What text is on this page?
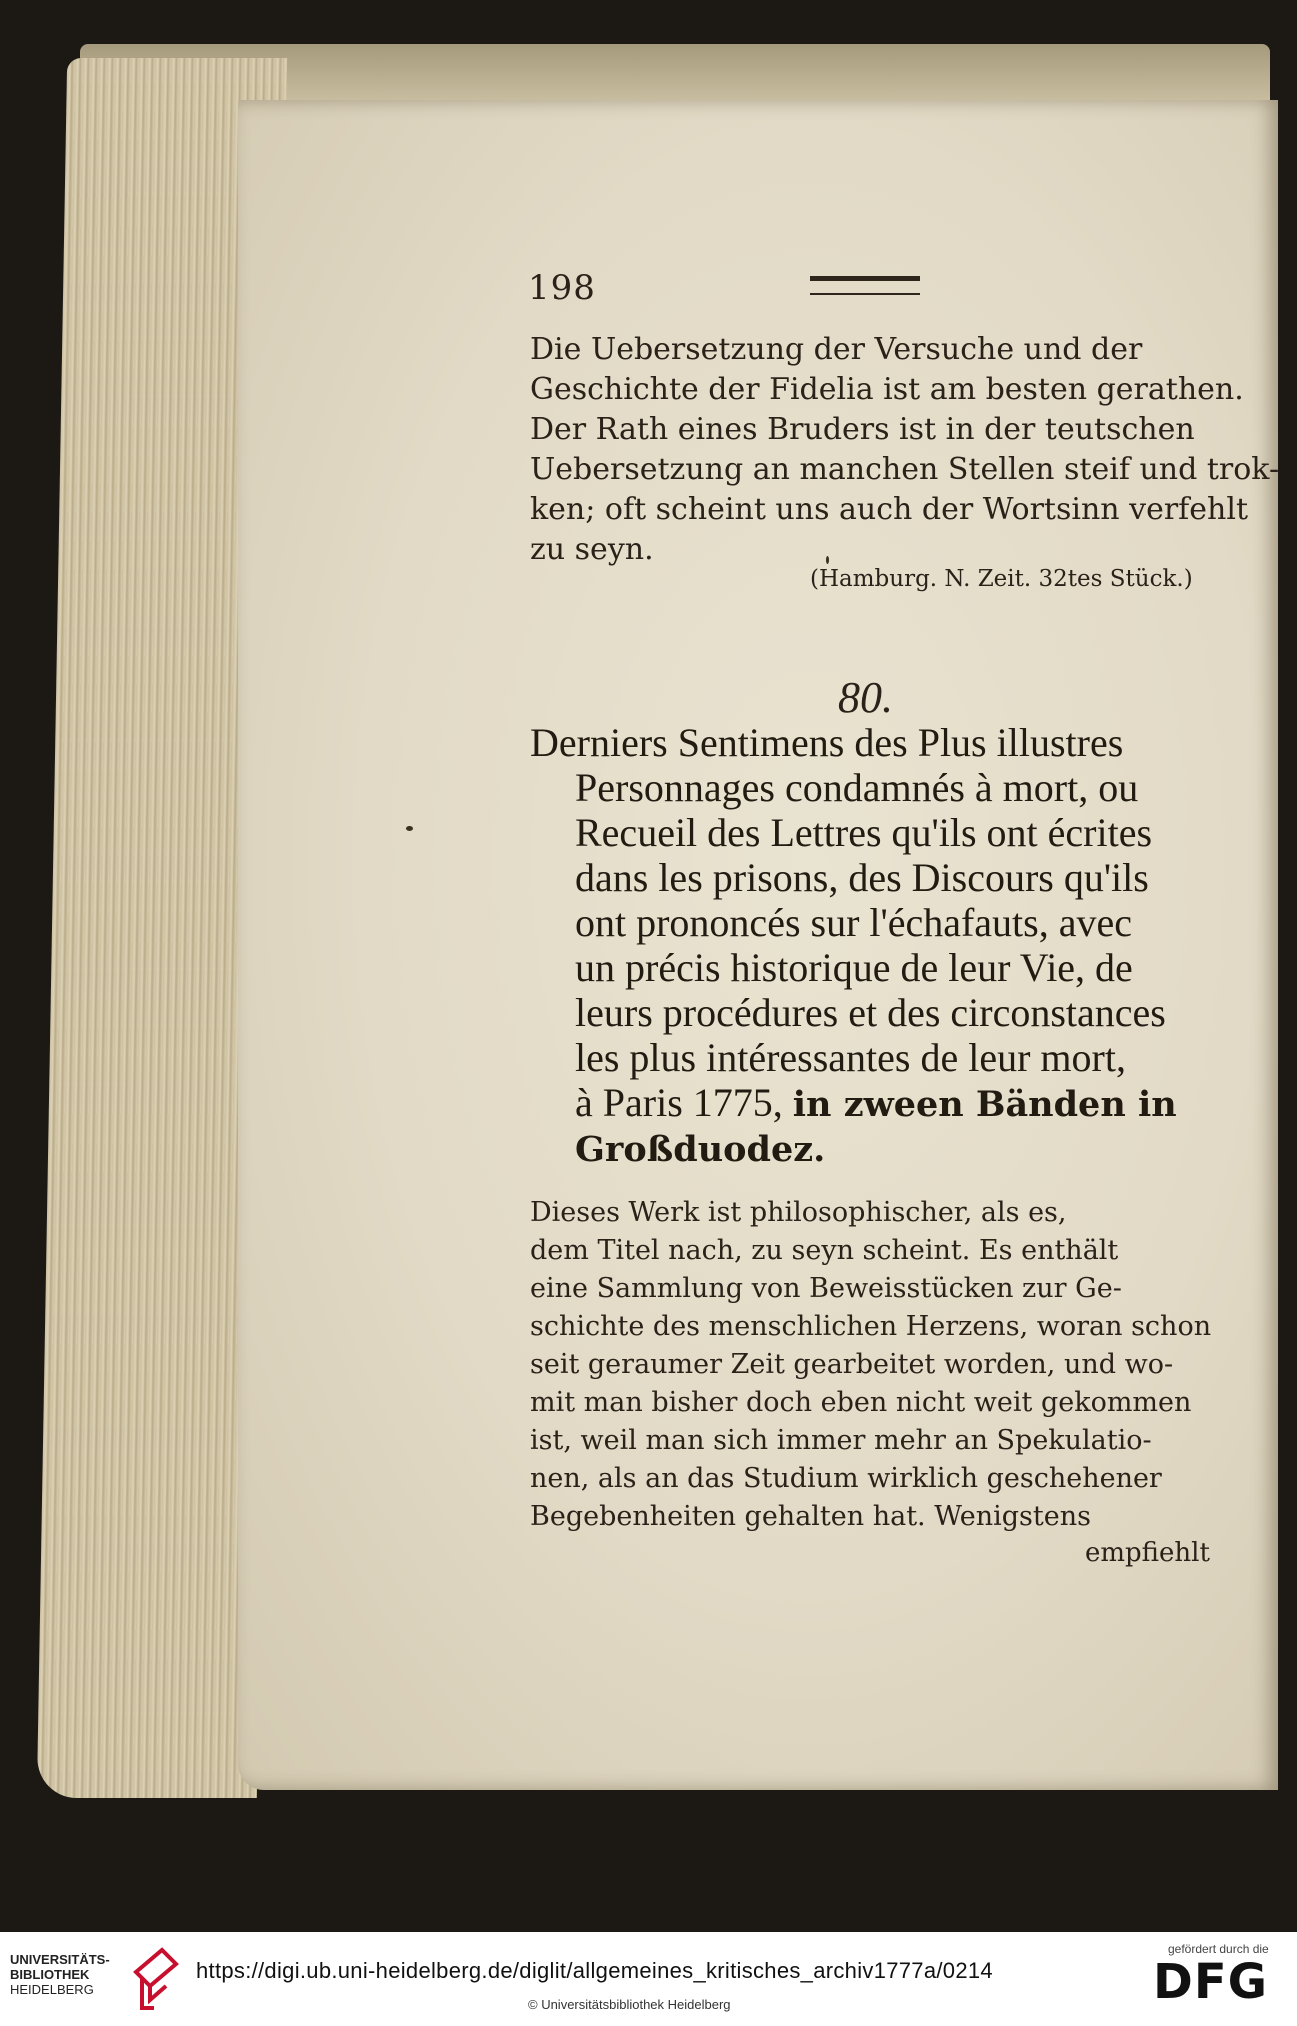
198
Die Uebersetzung der Versuche und der
Geschichte der Fidelia ist am besten gerathen.
Der Rath eines Bruders ist in der teutschen
Uebersetzung an manchen Stellen steif und trok-
ken; oft scheint uns auch der Wortsinn verfehlt
zu seyn.
(Hamburg. N. Zeit. 32tes Stück.)
80.
Derniers Sentimens des Plus illustres
Personnages condamnés à mort, ou
Recueil des Lettres qu'ils ont écrites
dans les prisons, des Discours qu'ils
ont prononcés sur l'échafauts, avec
un précis historique de leur Vie, de
leurs procédures et des circonstances
les plus intéressantes de leur mort,
à Paris 1775, in zween Bänden in
Großduodez.
Dieses Werk ist philosophischer, als es,
dem Titel nach, zu seyn scheint. Es enthält
eine Sammlung von Beweisstücken zur Ge-
schichte des menschlichen Herzens, woran schon
seit geraumer Zeit gearbeitet worden, und wo-
mit man bisher doch eben nicht weit gekommen
ist, weil man sich immer mehr an Spekulatio-
nen, als an das Studium wirklich geschehener
Begebenheiten gehalten hat. Wenigstens
empfiehlt
UNIVERSITÄTS-
BIBLIOTHEK
HEIDELBERG
https://digi.ub.uni-heidelberg.de/diglit/allgemeines_kritisches_archiv1777a/0214
© Universitätsbibliothek Heidelberg
gefördert durch die
DFG
